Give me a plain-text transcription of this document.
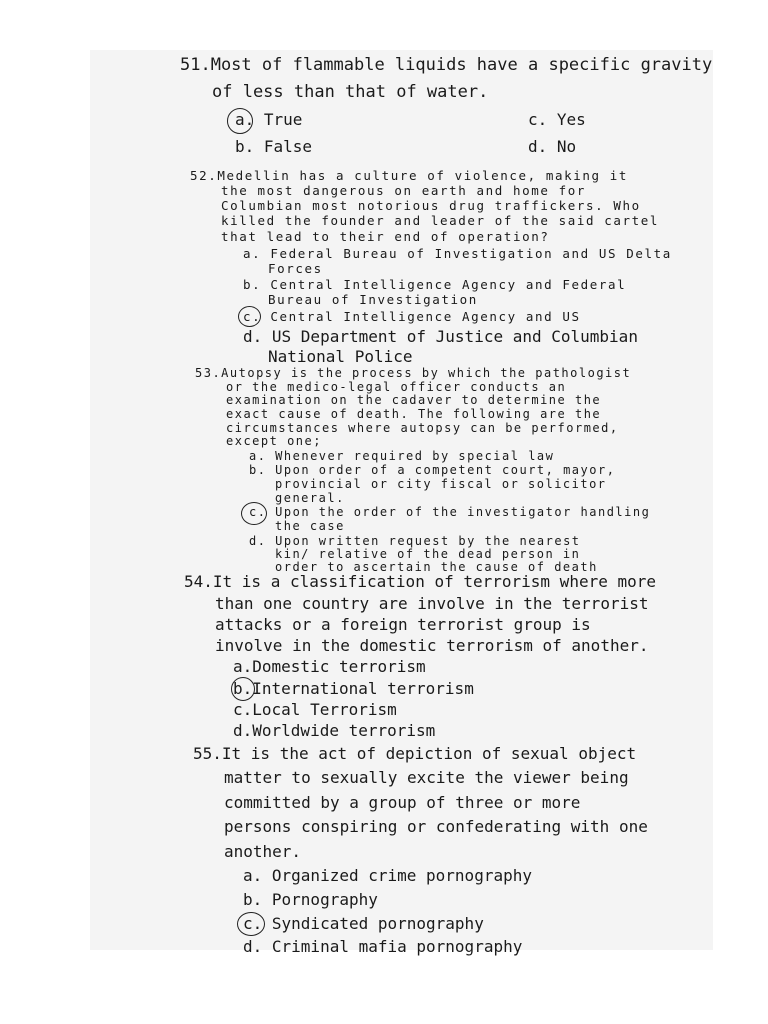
51.Most of flammable liquids have a specific gravity

of less than that of water.

a. True	c. Yes

b. False	d. No

52.Medellin has a culture of violence, making it

the most dangerous on earth and home for

Columbian most notorious drug traffickers. Who

killed the founder and leader of the said cartel

that lead to their end of operation?

a. Federal Bureau of Investigation and US Delta

Forces

b. Central Intelligence Agency and Federal

Bureau of Investigation

c. Central Intelligence Agency and US

d. US Department of Justice and Columbian

National Police

53.Autopsy is the process by which the pathologist

or the medico-legal officer conducts an

examination on the cadaver to determine the

exact cause of death. The following are the

circumstances where autopsy can be performed,

except one;

a. Whenever required by special law

b. Upon order of a competent court, mayor,

provincial or city fiscal or solicitor

general.

c. Upon the order of the investigator handling

the case

d. Upon written request by the nearest

kin/ relative of the dead person in

order to ascertain the cause of death

54.It is a classification of terrorism where more

than one country are involve in the terrorist

attacks or a foreign terrorist group is

involve in the domestic terrorism of another.

a.Domestic terrorism

b.International terrorism

c.Local Terrorism

d.Worldwide terrorism

55.It is the act of depiction of sexual object

matter to sexually excite the viewer being

committed by a group of three or more

persons conspiring or confederating with one

another.

a. Organized crime pornography

b. Pornography

c. Syndicated pornography

d. Criminal mafia pornography
